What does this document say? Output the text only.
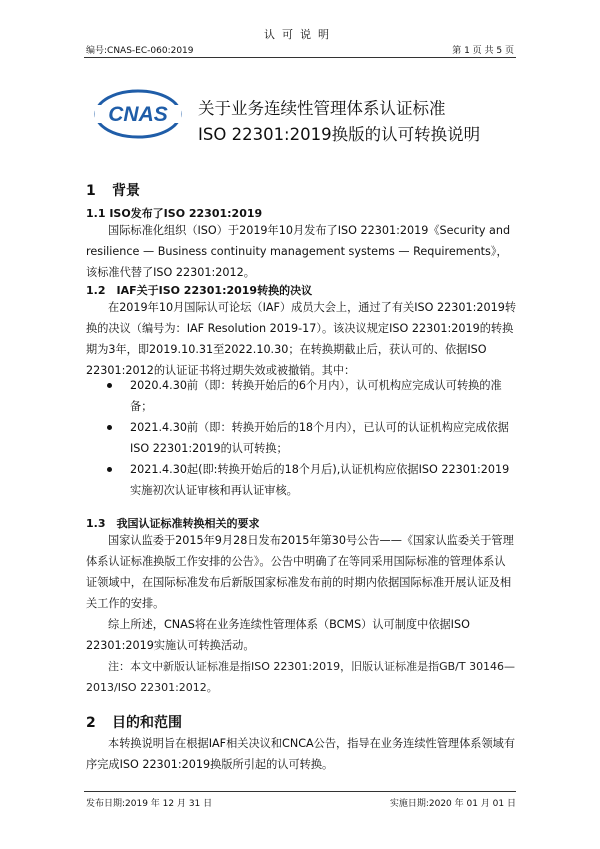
认可说明
编号:CNAS-EC-060:2019	第 1 页 共 5 页
CNAS 关于业务连续性管理体系认证标准
ISO 22301:2019换版的认可转换说明
1 背景
1.1 ISO发布了ISO 22301:2019
国际标准化组织（ISO）于2019年10月发布了ISO 22301:2019《Security and resilience — Business continuity management systems — Requirements》，该标准代替了ISO 22301:2012。
1.2　IAF关于ISO 22301:2019转换的决议
在2019年10月国际认可论坛（IAF）成员大会上，通过了有关ISO 22301:2019转换的决议（编号为：IAF Resolution 2019-17）。该决议规定ISO 22301:2019的转换期为3年，即2019.10.31至2022.10.30；在转换期截止后，获认可的、依据ISO 22301:2012的认证证书将过期失效或被撤销。其中：
2020.4.30前（即：转换开始后的6个月内），认可机构应完成认可转换的准备；
2021.4.30前（即：转换开始后的18个月内），已认可的认证机构应完成依据ISO 22301:2019的认可转换；
2021.4.30起(即:转换开始后的18个月后),认证机构应依据ISO 22301:2019实施初次认证审核和再认证审核。
1.3　我国认证标准转换相关的要求
国家认监委于2015年9月28日发布2015年第30号公告——《国家认监委关于管理体系认证标准换版工作安排的公告》。公告中明确了在等同采用国际标准的管理体系认证领域中，在国际标准发布后新版国家标准发布前的时期内依据国际标准开展认证及相关工作的安排。
综上所述，CNAS将在业务连续性管理体系（BCMS）认可制度中依据ISO 22301:2019实施认可转换活动。
注：本文中新版认证标准是指ISO 22301:2019，旧版认证标准是指GB/T 30146—2013/ISO 22301:2012。
2 目的和范围
本转换说明旨在根据IAF相关决议和CNCA公告，指导在业务连续性管理体系领域有序完成ISO 22301:2019换版所引起的认可转换。
发布日期:2019 年 12 月 31 日	实施日期:2020 年 01 月 01 日
